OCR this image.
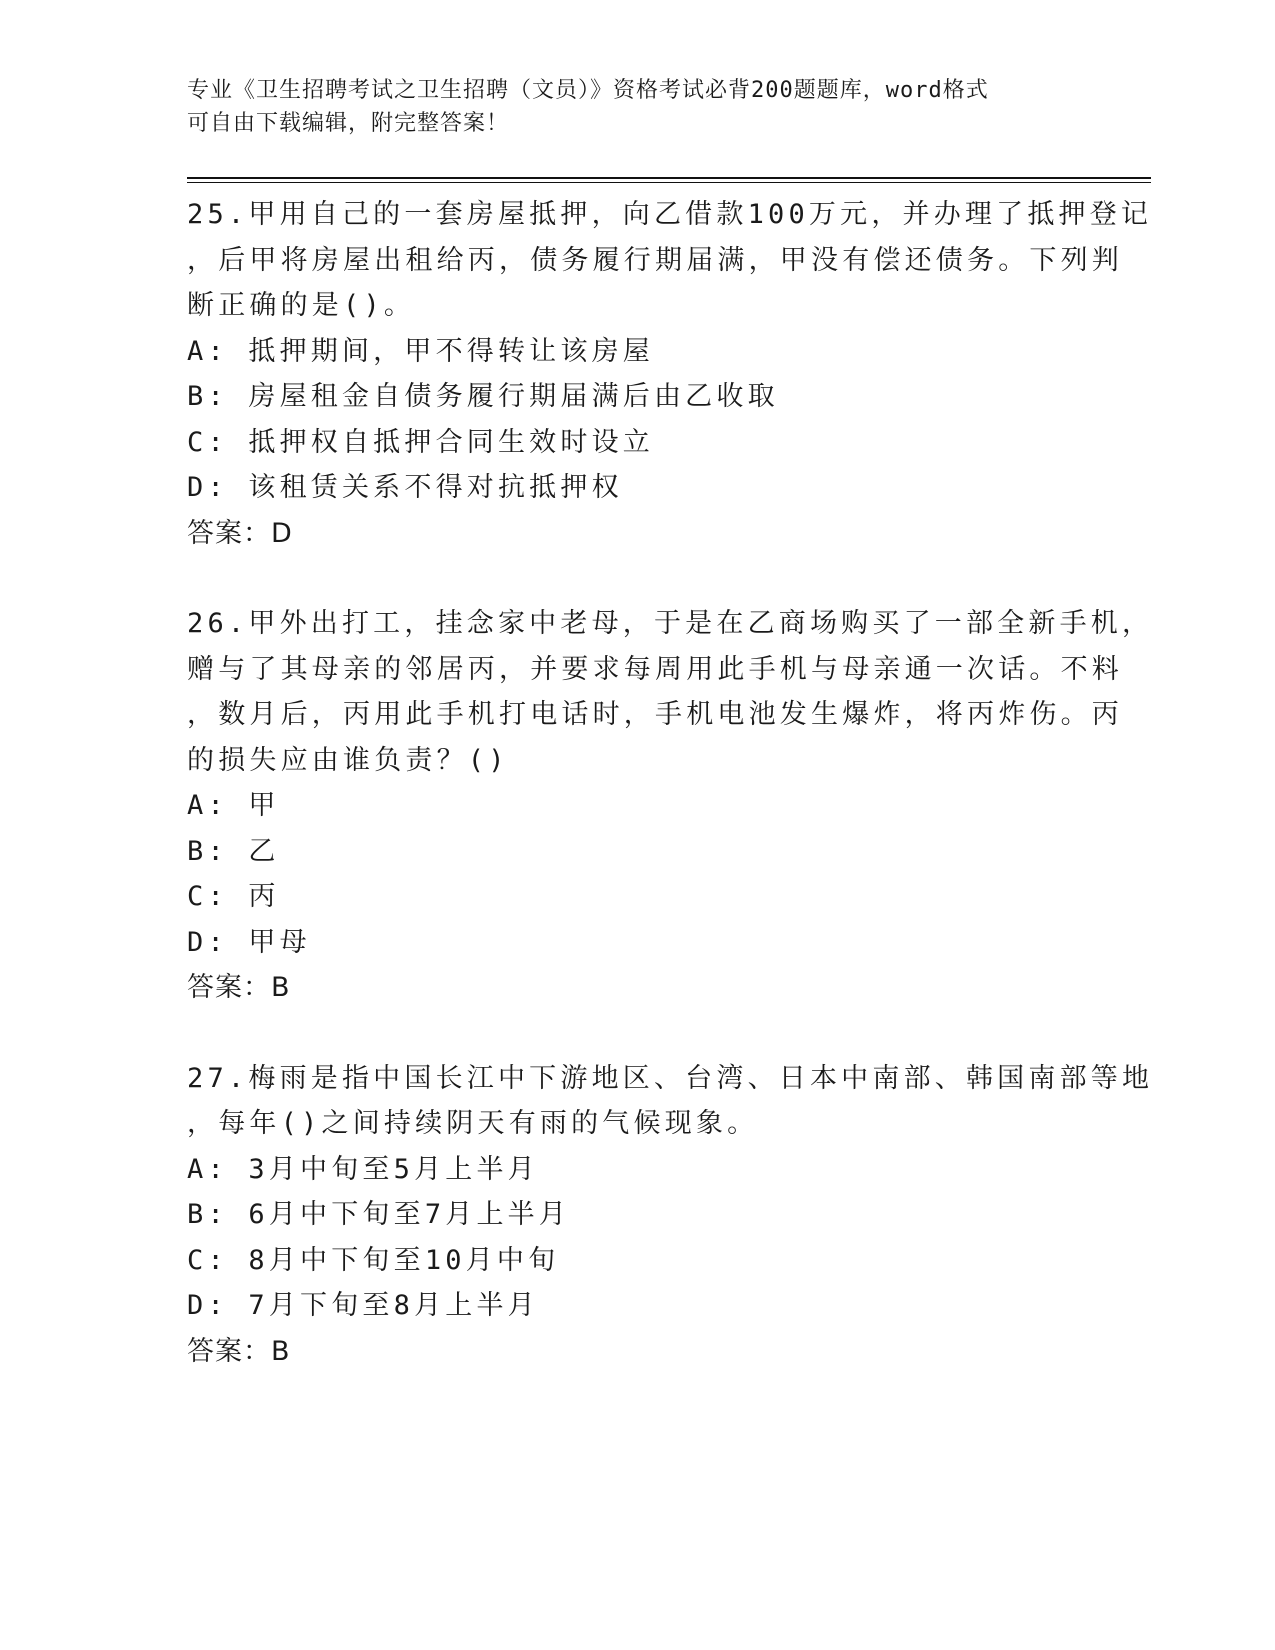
专业《卫生招聘考试之卫生招聘（文员）》资格考试必背200题题库，word格式

可自由下载编辑，附完整答案！

25.甲用自己的一套房屋抵押，向乙借款100万元，并办理了抵押登记
，后甲将房屋出租给丙，债务履行期届满，甲没有偿还债务。下列判
断正确的是()。

A: 抵押期间，甲不得转让该房屋

B: 房屋租金自债务履行期届满后由乙收取

C: 抵押权自抵押合同生效时设立

D: 该租赁关系不得对抗抵押权

答案：D

26.甲外出打工，挂念家中老母，于是在乙商场购买了一部全新手机，
赠与了其母亲的邻居丙，并要求每周用此手机与母亲通一次话。不料
，数月后，丙用此手机打电话时，手机电池发生爆炸，将丙炸伤。丙
的损失应由谁负责？()

A: 甲

B: 乙

C: 丙

D: 甲母

答案：B

27.梅雨是指中国长江中下游地区、台湾、日本中南部、韩国南部等地
，每年()之间持续阴天有雨的气候现象。

A: 3月中旬至5月上半月

B: 6月中下旬至7月上半月

C: 8月中下旬至10月中旬

D: 7月下旬至8月上半月

答案：B
